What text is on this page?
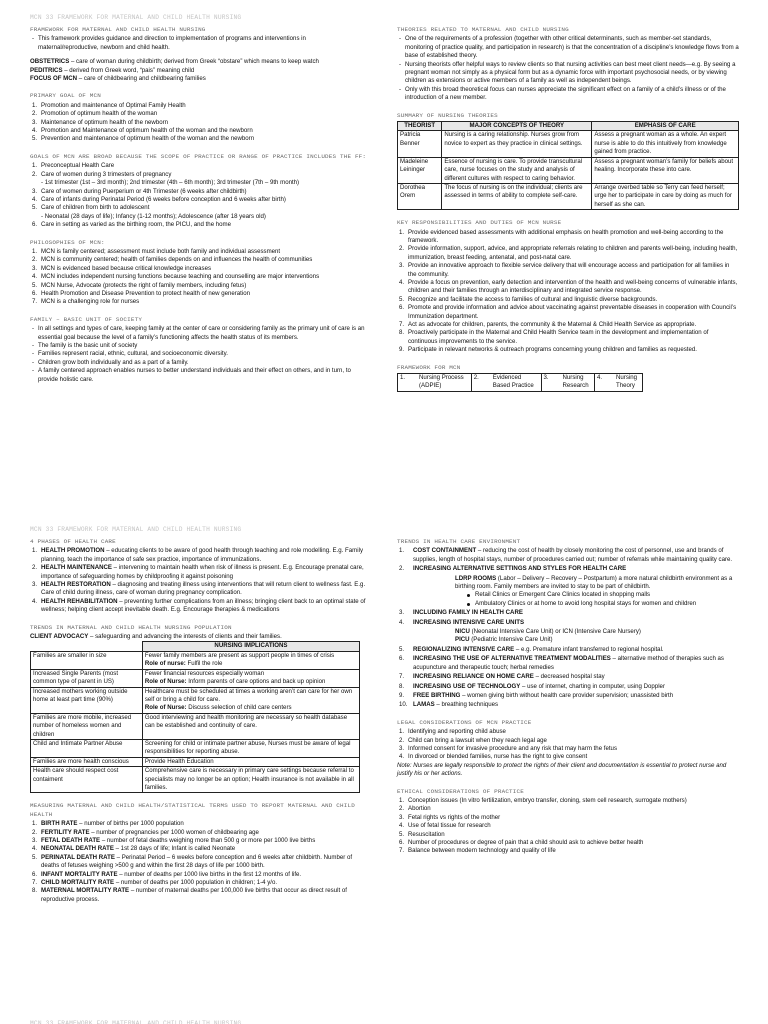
MCN 33 FRAMEWORK FOR MATERNAL AND CHILD HEALTH NURSING
FRAMEWORK FOR MATERNAL AND CHILD HEALTH NURSING
- This framework provides guidance and direction to implementation of programs and interventions in maternal/reproductive, newborn and child health.

OBSTETRICS – care of woman during childbirth; derived from Greek “obstare” which means to keep watch

PEDITRICS – derived from Greek word, “pais” meaning child

FOCUS OF MCN – care of childbearing and childbearing families

PRIMARY GOAL OF MCN
1. Promotion and maintenance of Optimal Family Health
2. Promotion of optimum health of the woman
3. Maintenance of optimum health of the newborn
4. Promotion and Maintenance of optimum health of the woman and the newborn
5. Prevention and maintenance of optimum health of the woman and the newborn
GOALS OF MCN ARE BROAD BECAUSE THE SCOPE OF PRACTICE OR RANGE OF PRACTICE INCLUDES THE FF:
1. Preconceptual Health Care
2. Care of women during 3 trimesters of pregnancy
- 1st trimester (1st – 3rd month); 2nd trimester (4th – 6th month); 3rd trimester (7th – 9th month)
3. Care of women during Puerperium or 4th Trimester (6 weeks after childbirth)
4. Care of infants during Perinatal Period (6 weeks before conception and 6 weeks after birth)
5. Care of children from birth to adolescent
- Neonatal (28 days of life); Infancy (1-12 months); Adolescence (after 18 years old)
6. Care in setting as varied as the birthing room, the PICU, and the home
PHILOSOPHIES OF MCN:
1. MCN is family centered; assessment must include both family and individual assessment
2. MCN is community centered; health of families depends on and influences the health of communities
3. MCN is evidenced based because critical knowledge increases
4. MCN includes independent nursing functions because teaching and counselling are major interventions
5. MCN Nurse, Advocate (protects the right of family members, including fetus)
6. Health Promotion and Disease Prevention to protect health of new generation
7. MCN is a challenging role for nurses
FAMILY – BASIC UNIT OF SOCIETY
- In all settings and types of care, keeping family at the center of care or considering family as the primary unit of care is an essential goal because the level of a family’s functioning affects the health status of its members.
- The family is the basic unit of society
- Families represent racial, ethnic, cultural, and socioeconomic diversity.
- Children grow both individually and as a part of a family.
- A family centered approach enables nurses to better understand individuals and their effect on others, and in turn, to provide holistic care.
THEORIES RELATED TO MATERNAL AND CHILD NURSING
- One of the requirements of a profession (together with other critical determinants, such as member-set standards, monitoring of practice quality, and participation in research) is that the concentration of a discipline’s knowledge flows from a base of established theory.
- Nursing theorists offer helpful ways to review clients so that nursing activities can best meet client needs—e.g. By seeing a pregnant woman not simply as a physical form but as a dynamic force with important psychosocial needs, or by viewing children as extensions or active members of a family as well as independent beings.
- Only with this broad theoretical focus can nurses appreciate the significant effect on a family of a child’s illness or of the introduction of a new member.
SUMMARY OF NURSING THEORIES
THEORIST	MAJOR CONCEPTS OF THEORY	EMPHASIS OF CARE
Patricia Benner	Nursing is a caring relationship. Nurses grow from novice to expert as they practice in clinical settings.	Assess a pregnant woman as a whole. An expert nurse is able to do this intuitively from knowledge gained from practice.
Madeleine Leininger	Essence of nursing is care. To provide transcultural care, nurse focuses on the study and analysis of different cultures with respect to caring behavior.	Assess a pregnant woman’s family for beliefs about healing. Incorporate these into care.
Dorothea Orem	The focus of nursing is on the individual; clients are assessed in terms of ability to complete self-care.	Arrange overbed table so Terry can feed herself; urge her to participate in care by doing as much for herself as she can.
KEY RESPONSIBILITIES AND DUTIES OF MCN NURSE
1. Provide evidenced based assessments with additional emphasis on health promotion and well-being according to the framework.
2. Provide information, support, advice, and appropriate referrals relating to children and parents well-being, including health, immunization, breast feeding, antenatal, and post-natal care.
3. Provide an innovative approach to flexible service delivery that will encourage access and participation for all families in the community.
4. Provide a focus on prevention, early detection and intervention of the health and well-being concerns of vulnerable infants, children and their families through an interdisciplinary and integrated service response.
5. Recognize and facilitate the access to families of cultural and linguistic diverse backgrounds.
6. Promote and provide information and advice about vaccinating against preventable diseases in cooperation with Council’s Immunization department.
7. Act as advocate for children, parents, the community & the Maternal & Child Health Service as appropriate.
8. Proactively participate in the Maternal and Child Health Service team in the development and implementation of continuous improvements to the service.
9. Participate in relevant networks & outreach programs concerning young children and families as requested.
FRAMEWORK FOR MCN
1.	Nursing Process
(ADPIE)
	2.	Evidenced
Based Practice
	3.	Nursing
Research
	4.	Nursing
Theory
MCN 33 FRAMEWORK FOR MATERNAL AND CHILD HEALTH NURSING
4 PHASES OF HEALTH CARE
1. HEALTH PROMOTION – educating clients to be aware of good health through teaching and role modelling. E.g. Family planning, teach the importance of safe sex practice, importance of immunizations.
2. HEALTH MAINTENANCE – intervening to maintain health when risk of illness is present. E.g. Encourage prenatal care, importance of safeguarding homes by childproofing it against poisoning
3. HEALTH RESTORATION – diagnosing and treating illness using interventions that will return client to wellness fast. E.g. Care of child during illness, care of woman during pregnancy complication.
4. HEALTH REHABILITATION – preventing further complications from an illness; bringing client back to an optimal state of wellness; helping client accept inevitable death. E.g. Encourage therapies & medications
TRENDS IN MATERNAL AND CHILD HEALTH NURSING POPULATION

CLIENT ADVOCACY – safeguarding and advancing the interests of clients and their families.

	NURSING IMPLICATIONS
Families are smaller in size	Fewer family members are present as support people in times of crisis
Role of nurse: Fulfil the role

Increased Single Parents (most common type of parent in US)	Fewer financial resources especially woman
Role of Nurse: Inform parents of care options and back up opinion

Increased mothers working outside home at least part time (90%)	Healthcare must be scheduled at times a working aren’t can care for her own self or bring a child for care.
Role of Nurse: Discuss selection of child care centers

Families are more mobile, increased number of homeless women and children	Good interviewing and health monitoring are necessary so health database can be established and continuity of care.
Child and Intimate Partner Abuse	Screening for child or intimate partner abuse, Nurses must be aware of legal responsibilities for reporting abuse.
Families are more health conscious	Provide Health Education
Health care should respect cost contaiment	Comprehensive care is necessary in primary care settings because referral to specialists may no longer be an option; Health insurance is not available in all families.
MEASURING MATERNAL AND CHILD HEALTH/STATISTICAL TERMS USED TO REPORT MATERNAL AND CHILD HEALTH
1. BIRTH RATE – number of births per 1000 population
2. FERTILITY RATE – number of pregnancies per 1000 women of childbearing age
3. FETAL DEATH RATE – number of fetal deaths weighing more than 500 g or more per 1000 live births
4. NEONATAL DEATH RATE – 1st 28 days of life; Infant is called Neonate
5. PERINATAL DEATH RATE – Perinatal Period – 6 weeks before conception and 6 weeks after childbirth. Number of deaths of fetuses weighing >500 g and within the first 28 days of life per 1000 birth.
6. INFANT MORTALITY RATE – number of deaths per 1000 live births in the first 12 months of life.
7. CHILD MORTALITY RATE – number of deaths per 1000 population in children; 1-4 y/o.
8. MATERNAL MORTALITY RATE – number of maternal deaths per 100,000 live births that occur as direct result of reproductive process.
TRENDS IN HEALTH CARE ENVIRONMENT
1. COST CONTAINMENT – reducing the cost of health by closely monitoring the cost of personnel, use and brands of supplies, length of hospital stays, number of procedures carried out; number of referrals while maintaining quality care.
2. INCREASING ALTERNATIVE SETTINGS AND STYLES FOR HEALTH CARE
LDRP ROOMS (Labor – Delivery – Recovery – Postpartum) a more natural childbirth environment as a birthing room. Family members are invited to stay to be part of childbirth.
Retail Clinics or Emergent Care Clinics located in shopping malls
Ambulatory Clinics or at home to avoid long hospital stays for women and children
3. INCLUDING FAMILY IN HEALTH CARE
4. INCREASING INTENSIVE CARE UNITS
NICU (Neonatal Intensive Care Unit) or ICN (Intensive Care Nursery)
PICU (Pediatric Intensive Care Unit)
5. REGIONALIZING INTENSIVE CARE – e.g. Premature infant transferred to regional hospital.
6. INCREASING THE USE OF ALTERNATIVE TREATMENT MODALITIES – alternative method of therapies such as acupuncture and therapeutic touch; herbal remedies
7. INCREASING RELIANCE ON HOME CARE – decreased hospital stay
8. INCREASING USE OF TECHNOLOGY – use of internet, charting in computer, using Doppler
9. FREE BIRTHING – women giving birth without health care provider supervision; unassisted birth
10. LAMAS – breathing techniques
LEGAL CONSIDERATIONS OF MCN PRACTICE
1. Identifying and reporting child abuse
2. Child can bring a lawsuit when they reach legal age
3. Informed consent for invasive procedure and any risk that may harm the fetus
4. In divorced or blended families, nurse has the right to give consent

Note: Nurses are legally responsible to protect the rights of their client and documentation is essential to protect nurse and justify his or her actions.

ETHICAL CONSIDERATIONS OF PRACTICE
1. Conception issues (In vitro fertilization, embryo transfer, cloning, stem cell research, surrogate mothers)
2. Abortion
3. Fetal rights vs rights of the mother
4. Use of fetal tissue for research
5. Resuscitation
6. Number of procedures or degree of pain that a child should ask to achieve better health
7. Balance between modern technology and quality of life
MCN 33 FRAMEWORK FOR MATERNAL AND CHILD HEALTH NURSING
